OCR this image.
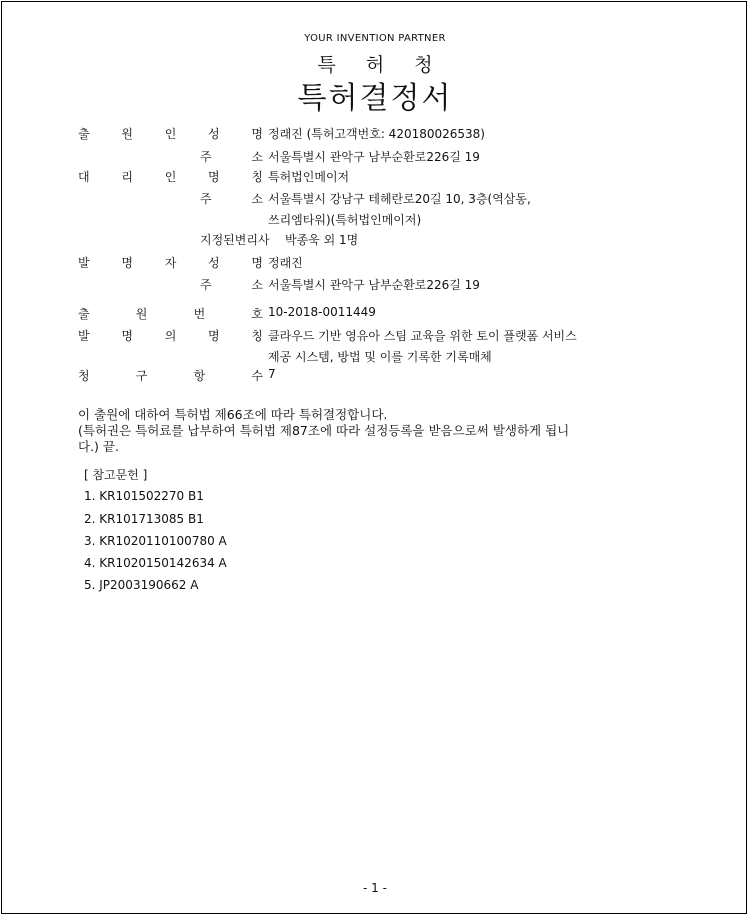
YOUR INVENTION PARTNER
특 허 청
특허결정서
출	원	인	성	명 정래진 (특허고객번호: 420180026538)
주	소 서울특별시 관악구 남부순환로226길 19
대	리	인	명	칭 특허법인메이저
주	소 서울특별시 강남구 테헤란로20길 10, 3층(역삼동,
쓰리엠타워)(특허법인메이저)
지정된변리사 박종욱 외 1명
발	명	자	성	명 정래진
주	소 서울특별시 관악구 남부순환로226길 19
출	원	번	호 10-2018-0011449
발	명	의	명	칭 클라우드 기반 영유아 스팀 교육을 위한 토이 플랫폼 서비스
제공 시스템, 방법 및 이를 기록한 기록매체
청	구	항	수 7
이 출원에 대하여 특허법 제66조에 따라 특허결정합니다.
(특허권은 특허료를 납부하여 특허법 제87조에 따라 설정등록을 받음으로써 발생하게 됩니
다.) 끝.
[ 참고문헌 ]
1. KR101502270 B1
2. KR101713085 B1
3. KR1020110100780 A
4. KR1020150142634 A
5. JP2003190662 A
- 1 -
